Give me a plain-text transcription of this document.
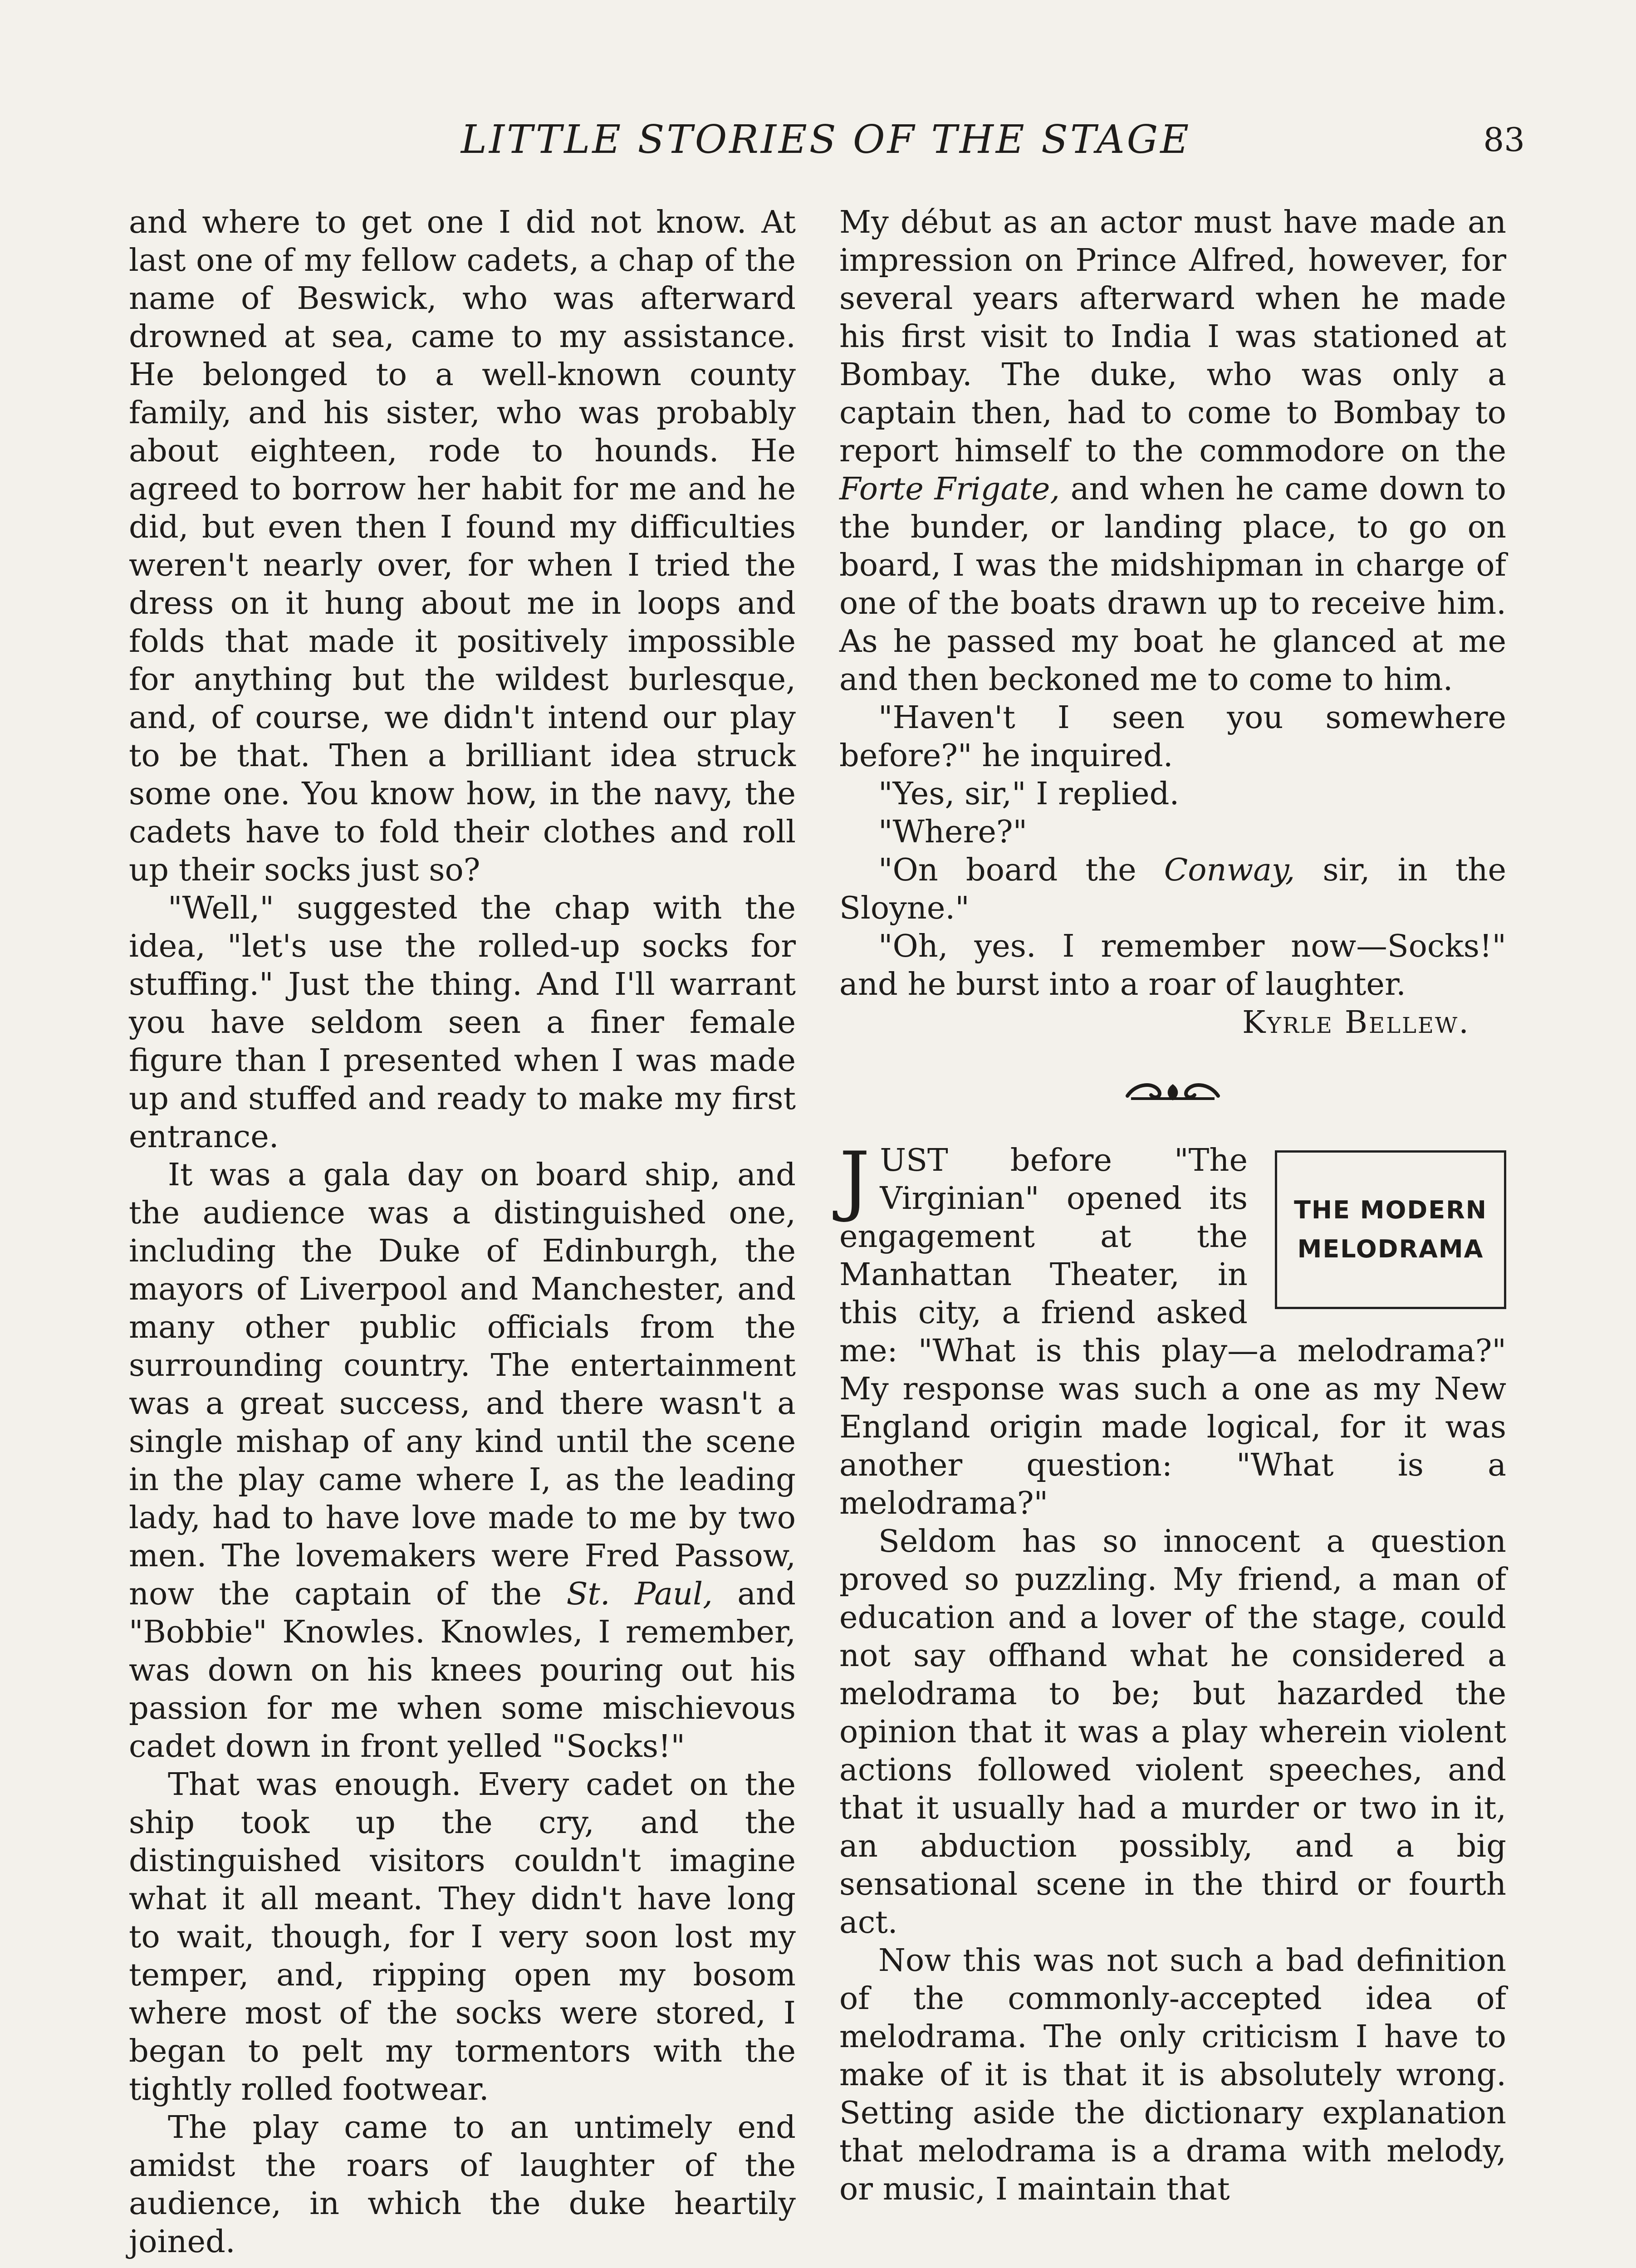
LITTLE STORIES OF THE STAGE	83

and where to get one I did not know. At last one of my fellow cadets, a chap of the name of Beswick, who was afterward drowned at sea, came to my assistance. He belonged to a well-known county family, and his sister, who was probably about eighteen, rode to hounds. He agreed to borrow her habit for me and he did, but even then I found my difficulties weren't nearly over, for when I tried the dress on it hung about me in loops and folds that made it positively impossible for anything but the wildest burlesque, and, of course, we didn't intend our play to be that. Then a brilliant idea struck some one. You know how, in the navy, the cadets have to fold their clothes and roll up their socks just so?

"Well," suggested the chap with the idea, "let's use the rolled-up socks for stuffing." Just the thing. And I'll warrant you have seldom seen a finer female figure than I presented when I was made up and stuffed and ready to make my first entrance.

It was a gala day on board ship, and the audience was a distinguished one, including the Duke of Edinburgh, the mayors of Liverpool and Manchester, and many other public officials from the surrounding country. The entertainment was a great success, and there wasn't a single mishap of any kind until the scene in the play came where I, as the leading lady, had to have love made to me by two men. The lovemakers were Fred Passow, now the captain of the St. Paul, and "Bobbie" Knowles. Knowles, I remember, was down on his knees pouring out his passion for me when some mischievous cadet down in front yelled "Socks!"

That was enough. Every cadet on the ship took up the cry, and the distinguished visitors couldn't imagine what it all meant. They didn't have long to wait, though, for I very soon lost my temper, and, ripping open my bosom where most of the socks were stored, I began to pelt my tormentors with the tightly rolled footwear.

The play came to an untimely end amidst the roars of laughter of the audience, in which the duke heartily joined.

My début as an actor must have made an impression on Prince Alfred, however, for several years afterward when he made his first visit to India I was stationed at Bombay. The duke, who was only a captain then, had to come to Bombay to report himself to the commodore on the Forte Frigate, and when he came down to the bunder, or landing place, to go on board, I was the midshipman in charge of one of the boats drawn up to receive him. As he passed my boat he glanced at me and then beckoned me to come to him.

"Haven't I seen you somewhere before?" he inquired.

"Yes, sir," I replied.

"Where?"

"On board the Conway, sir, in the Sloyne."

"Oh, yes. I remember now—Socks!" and he burst into a roar of laughter.

Kyrle Bellew.

J	THE MODERN
MELODRAMA
UST before "The Virginian" opened its engagement at the Manhattan Theater, in this city, a friend asked me: "What is this play—a melodrama?" My response was such a one as my New England origin made logical, for it was another question: "What is a melodrama?"

Seldom has so innocent a question proved so puzzling. My friend, a man of education and a lover of the stage, could not say offhand what he considered a melodrama to be; but hazarded the opinion that it was a play wherein violent actions followed violent speeches, and that it usually had a murder or two in it, an abduction possibly, and a big sensational scene in the third or fourth act.

Now this was not such a bad definition of the commonly-accepted idea of melodrama. The only criticism I have to make of it is that it is absolutely wrong. Setting aside the dictionary explanation that melodrama is a drama with melody, or music, I maintain that
